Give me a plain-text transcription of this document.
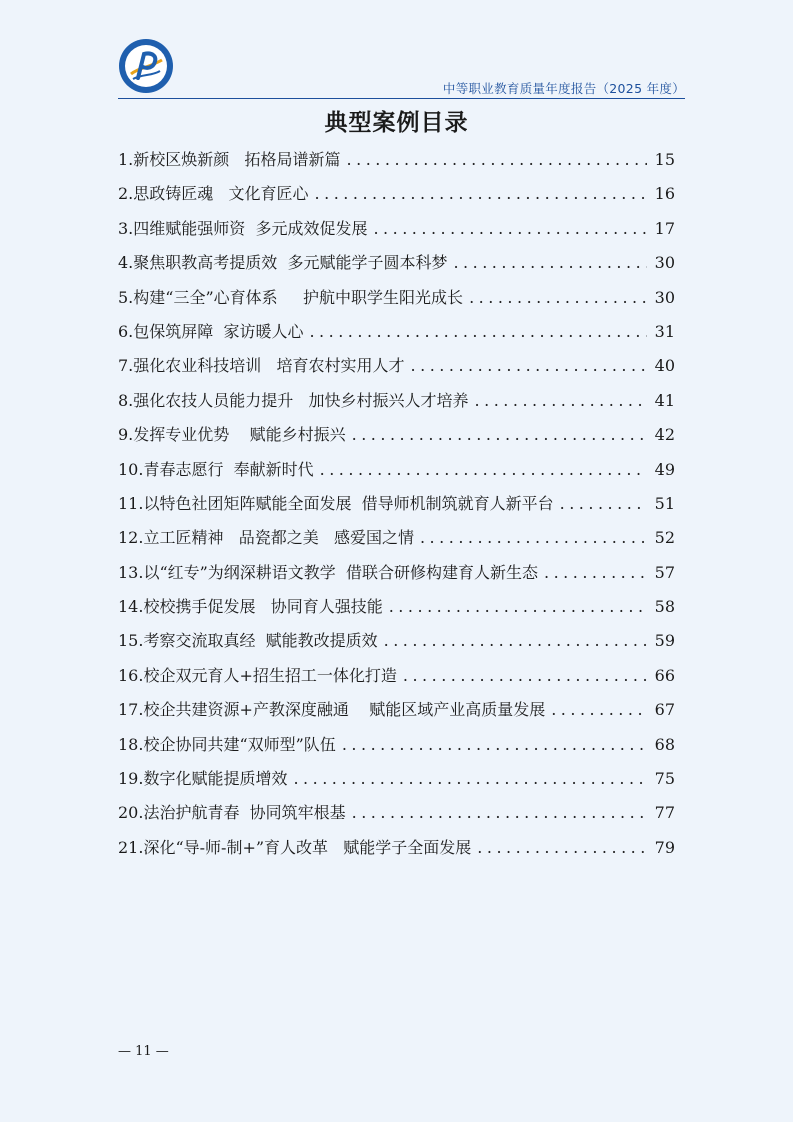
中等职业教育质量年度报告（2025 年度）
典型案例目录
1.新校区焕新颜   拓格局谱新篇 .....	15
2.思政铸匠魂   文化育匠心 .....	16
3.四维赋能强师资  多元成效促发展 .....	17
4.聚焦职教高考提质效  多元赋能学子圆本科梦 .....	30
5.构建“三全”心育体系     护航中职学生阳光成长 .....	30
6.包保筑屏障  家访暖人心 .....	31
7.强化农业科技培训   培育农村实用人才 .....	40
8.强化农技人员能力提升   加快乡村振兴人才培养 .....	41
9.发挥专业优势    赋能乡村振兴 .....	42
10.青春志愿行  奉献新时代 .....	49
11.以特色社团矩阵赋能全面发展  借导师机制筑就育人新平台 .....	51
12.立工匠精神   品瓷都之美   感爱国之情 .....	52
13.以“红专”为纲深耕语文教学  借联合研修构建育人新生态 .....	57
14.校校携手促发展   协同育人强技能 .....	58
15.考察交流取真经  赋能教改提质效 .....	59
16.校企双元育人+招生招工一体化打造 .....	66
17.校企共建资源+产教深度融通    赋能区域产业高质量发展 .....	67
18.校企协同共建“双师型”队伍 .....	68
19.数字化赋能提质增效 .....	75
20.法治护航青春  协同筑牢根基 .....	77
21.深化“导-师-制+”育人改革   赋能学子全面发展 .....	79
— 11 —
